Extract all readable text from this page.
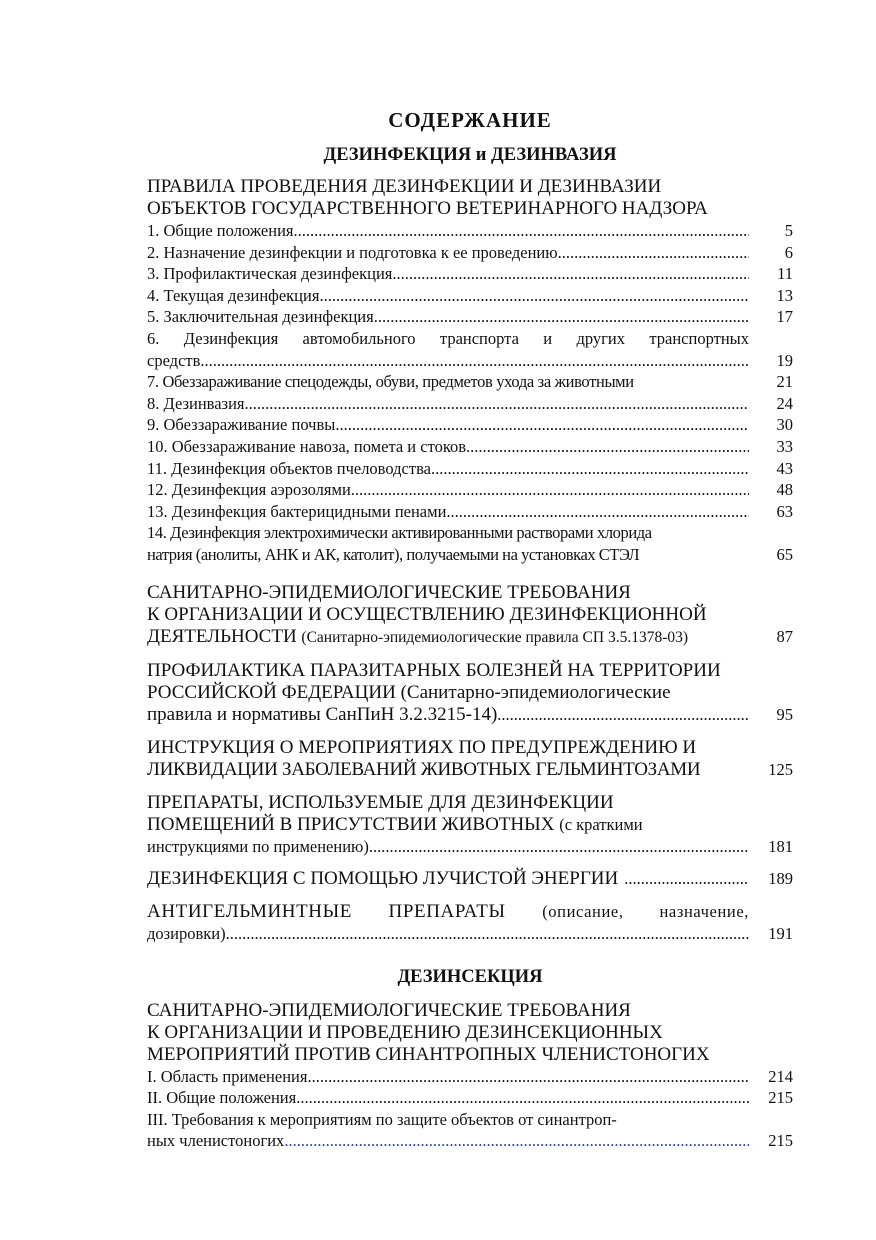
СОДЕРЖАНИЕ
ДЕЗИНФЕКЦИЯ и ДЕЗИНВАЗИЯ
ПРАВИЛА ПРОВЕДЕНИЯ ДЕЗИНФЕКЦИИ И ДЕЗИНВАЗИИ
ОБЪЕКТОВ ГОСУДАРСТВЕННОГО ВЕТЕРИНАРНОГО НАДЗОРА
1. Общие положения .....	5
2. Назначение дезинфекции и подготовка к ее проведению .....	6
3. Профилактическая дезинфекция .....	11
4. Текущая дезинфекция .....	13
5. Заключительная дезинфекция .....	17
6. Дезинфекция автомобильного транспорта и других транспортных
средств .....	19
7. Обеззараживание спецодежды, обуви, предметов ухода за животными	21
8. Дезинвазия .....	24
9. Обеззараживание почвы .....	30
10. Обеззараживание навоза, помета и стоков .....	33
11. Дезинфекция объектов пчеловодства .....	43
12. Дезинфекция аэрозолями .....	48
13. Дезинфекция бактерицидными пенами .....	63
14. Дезинфекция электрохимически активированными растворами хлорида
натрия (анолиты, АНК и АК, католит), получаемыми на установках СТЭЛ	65
САНИТАРНО-ЭПИДЕМИОЛОГИЧЕСКИЕ ТРЕБОВАНИЯ
К ОРГАНИЗАЦИИ И ОСУЩЕСТВЛЕНИЮ ДЕЗИНФЕКЦИОННОЙ
ДЕЯТЕЛЬНОСТИ (Санитарно-эпидемиологические правила СП 3.5.1378-03)	87
ПРОФИЛАКТИКА ПАРАЗИТАРНЫХ БОЛЕЗНЕЙ НА ТЕРРИТОРИИ
РОССИЙСКОЙ ФЕДЕРАЦИИ (Санитарно-эпидемиологические
правила и нормативы СанПиН 3.2.3215-14) .....	95
ИНСТРУКЦИЯ О МЕРОПРИЯТИЯХ ПО ПРЕДУПРЕЖДЕНИЮ И
ЛИКВИДАЦИИ ЗАБОЛЕВАНИЙ ЖИВОТНЫХ ГЕЛЬМИНТОЗАМИ	125
ПРЕПАРАТЫ, ИСПОЛЬЗУЕМЫЕ ДЛЯ ДЕЗИНФЕКЦИИ
ПОМЕЩЕНИЙ В ПРИСУТСТВИИ ЖИВОТНЫХ (с краткими
инструкциями по применению) .....	181
ДЕЗИНФЕКЦИЯ С ПОМОЩЬЮ ЛУЧИСТОЙ ЭНЕРГИИ .....	189
АНТИГЕЛЬМИНТНЫЕ ПРЕПАРАТЫ (описание, назначение,
дозировки) .....	191
ДЕЗИНСЕКЦИЯ
САНИТАРНО-ЭПИДЕМИОЛОГИЧЕСКИЕ ТРЕБОВАНИЯ
К ОРГАНИЗАЦИИ И ПРОВЕДЕНИЮ ДЕЗИНСЕКЦИОННЫХ
МЕРОПРИЯТИЙ ПРОТИВ СИНАНТРОПНЫХ ЧЛЕНИСТОНОГИХ
I. Область применения .....	214
II. Общие положения .....	215
III. Требования к мероприятиям по защите объектов от синантроп-
ных членистоногих .....	215
